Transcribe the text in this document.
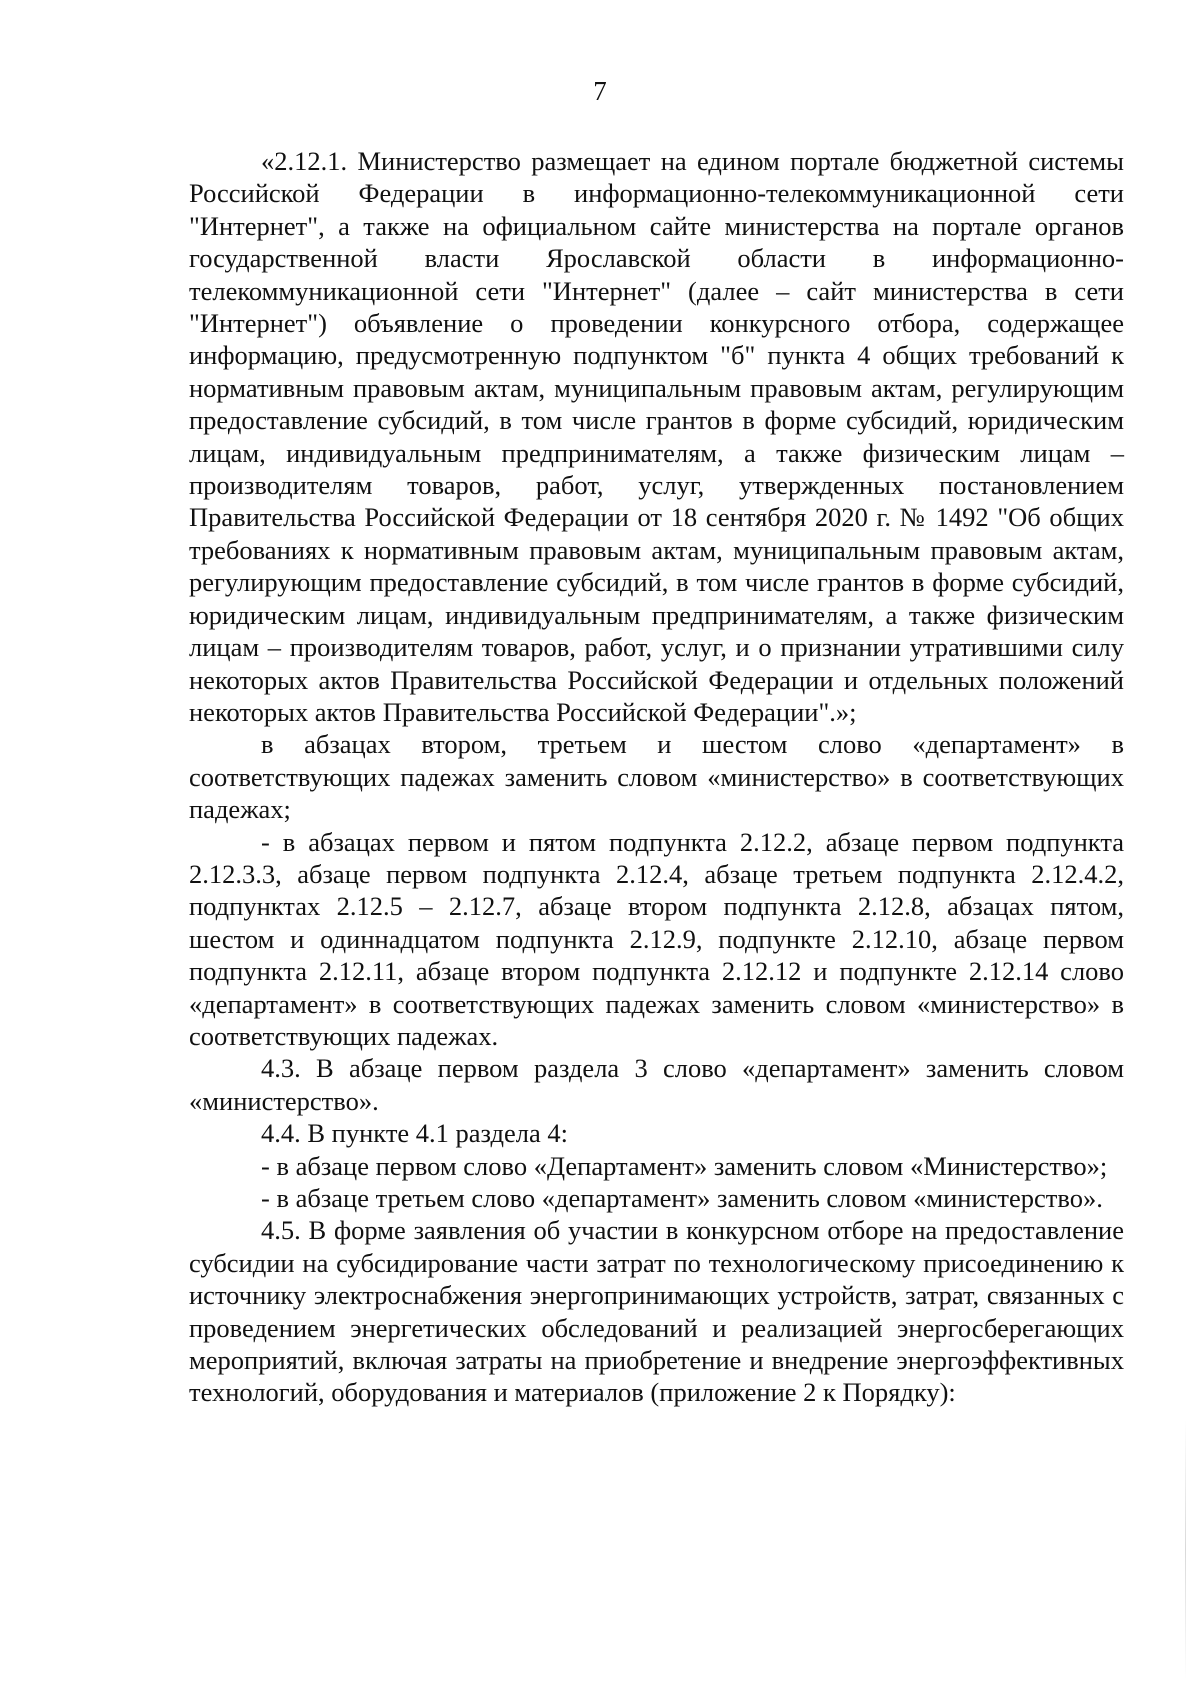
7

«2.12.1. Министерство размещает на едином портале бюджетной системы Российской Федерации в информационно-телекоммуникационной сети "Интернет", а также на официальном сайте министерства на портале органов государственной власти Ярославской области в информационно-телекоммуникационной сети "Интернет" (далее – сайт министерства в сети "Интернет") объявление о проведении конкурсного отбора, содержащее информацию, предусмотренную подпунктом "б" пункта 4 общих требований к нормативным правовым актам, муниципальным правовым актам, регулирующим предоставление субсидий, в том числе грантов в форме субсидий, юридическим лицам, индивидуальным предпринимателям, а также физическим лицам – производителям товаров, работ, услуг, утвержденных постановлением Правительства Российской Федерации от 18 сентября 2020 г. № 1492 "Об общих требованиях к нормативным правовым актам, муниципальным правовым актам, регулирующим предоставление субсидий, в том числе грантов в форме субсидий, юридическим лицам, индивидуальным предпринимателям, а также физическим лицам – производителям товаров, работ, услуг, и о признании утратившими силу некоторых актов Правительства Российской Федерации и отдельных положений некоторых актов Правительства Российской Федерации".»;

в абзацах втором, третьем и шестом слово «департамент» в соответствующих падежах заменить словом «министерство» в соответствующих падежах;

- в абзацах первом и пятом подпункта 2.12.2, абзаце первом подпункта 2.12.3.3, абзаце первом подпункта 2.12.4, абзаце третьем подпункта 2.12.4.2, подпунктах 2.12.5 – 2.12.7, абзаце втором подпункта 2.12.8, абзацах пятом, шестом и одиннадцатом подпункта 2.12.9, подпункте 2.12.10, абзаце первом подпункта 2.12.11, абзаце втором подпункта 2.12.12 и подпункте 2.12.14 слово «департамент» в соответствующих падежах заменить словом «министерство» в соответствующих падежах.

4.3. В абзаце первом раздела 3 слово «департамент» заменить словом «министерство».

4.4. В пункте 4.1 раздела 4:

- в абзаце первом слово «Департамент» заменить словом «Министерство»;

- в абзаце третьем слово «департамент» заменить словом «министерство».

4.5. В форме заявления об участии в конкурсном отборе на предоставление субсидии на субсидирование части затрат по технологическому присоединению к источнику электроснабжения энергопринимающих устройств, затрат, связанных с проведением энергетических обследований и реализацией энергосберегающих мероприятий, включая затраты на приобретение и внедрение энергоэффективных технологий, оборудования и материалов (приложение 2 к Порядку):
